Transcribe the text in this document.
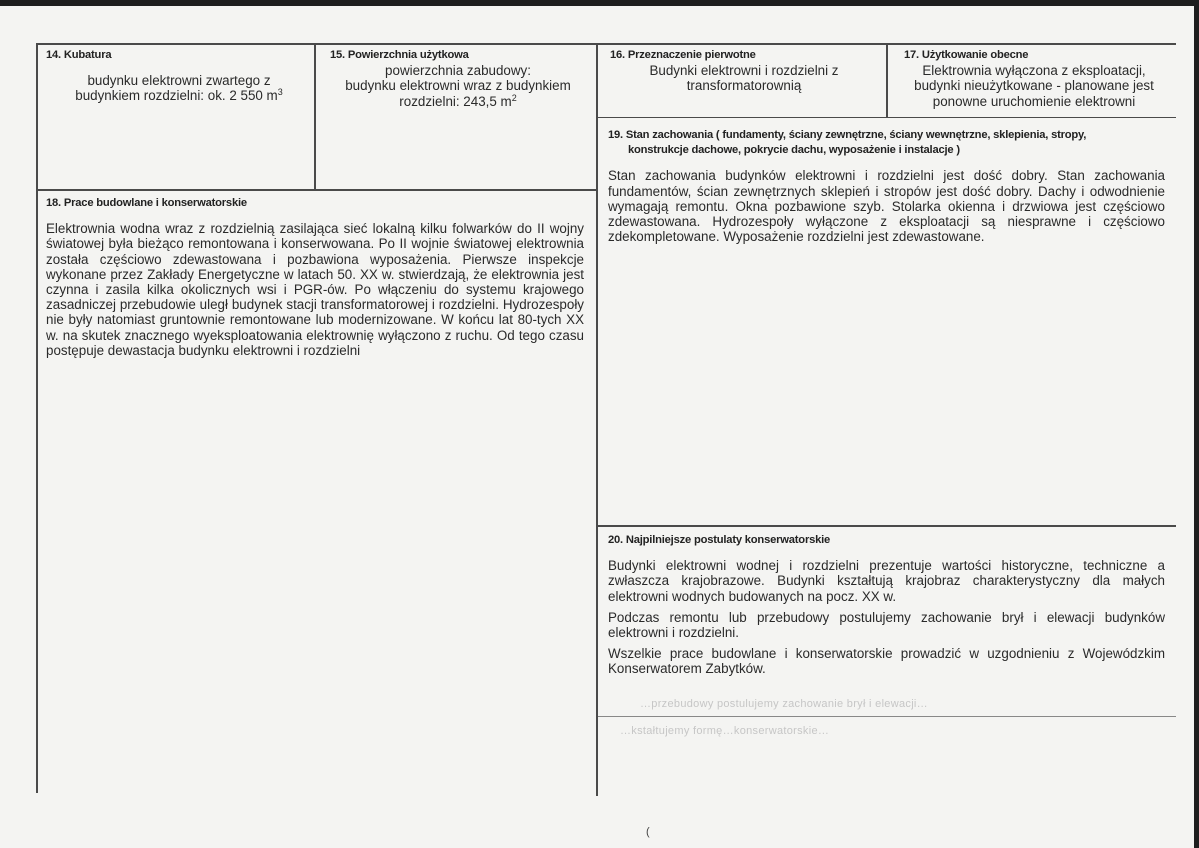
14. Kubatura
budynku elektrowni zwartego z
budynkiem rozdzielni: ok. 2 550 $m^3$
15. Powierzchnia użytkowa
powierzchnia zabudowy:
budynku elektrowni wraz z budynkiem
rozdzielni: 243,5 $m^2$
16. Przeznaczenie pierwotne
Budynki elektrowni i rozdzielni z
transformatorownią
17. Użytkowanie obecne
Elektrownia wyłączona z eksploatacji,
budynki nieużytkowane - planowane jest
ponowne uruchomienie elektrowni
18. Prace budowlane i konserwatorskie

Elektrownia wodna wraz z rozdzielnią zasilająca sieć lokalną kilku folwarków do II wojny światowej była bieżąco remontowana i konserwowana. Po II wojnie światowej elektrownia została częściowo zdewastowana i pozbawiona wyposażenia. Pierwsze inspekcje wykonane przez Zakłady Energetyczne w latach 50. XX w. stwierdzają, że elektrownia jest czynna i zasila kilka okolicznych wsi i PGR-ów. Po włączeniu do systemu krajowego zasadniczej przebudowie uległ budynek stacji transformatorowej i rozdzielni. Hydrozespoły nie były natomiast gruntownie remontowane lub modernizowane. W końcu lat 80-tych XX w. na skutek znacznego wyeksploatowania elektrownię wyłączono z ruchu. Od tego czasu postępuje dewastacja budynku elektrowni i rozdzielni

19. Stan zachowania ( fundamenty, ściany zewnętrzne, ściany wewnętrzne, sklepienia, stropy,
konstrukcje dachowe, pokrycie dachu, wyposażenie i instalacje )

Stan zachowania budynków elektrowni i rozdzielni jest dość dobry. Stan zachowania fundamentów, ścian zewnętrznych sklepień i stropów jest dość dobry. Dachy i odwodnienie wymagają remontu. Okna pozbawione szyb. Stolarka okienna i drzwiowa jest częściowo zdewastowana. Hydrozespoły wyłączone z eksploatacji są niesprawne i częściowo zdekompletowane. Wyposażenie rozdzielni jest zdewastowane.

20. Najpilniejsze postulaty konserwatorskie

Budynki elektrowni wodnej i rozdzielni prezentuje wartości historyczne, techniczne a zwłaszcza krajobrazowe. Budynki kształtują krajobraz charakterystyczny dla małych elektrowni wodnych budowanych na pocz. XX w.

Podczas remontu lub przebudowy postulujemy zachowanie brył i elewacji budynków elektrowni i rozdzielni.

Wszelkie prace budowlane i konserwatorskie prowadzić w uzgodnieniu z Wojewódzkim Konserwatorem Zabytków.

…przebudowy postulujemy zachowanie brył i elewacji…
…kstałtujemy formę…konserwatorskie…
(
